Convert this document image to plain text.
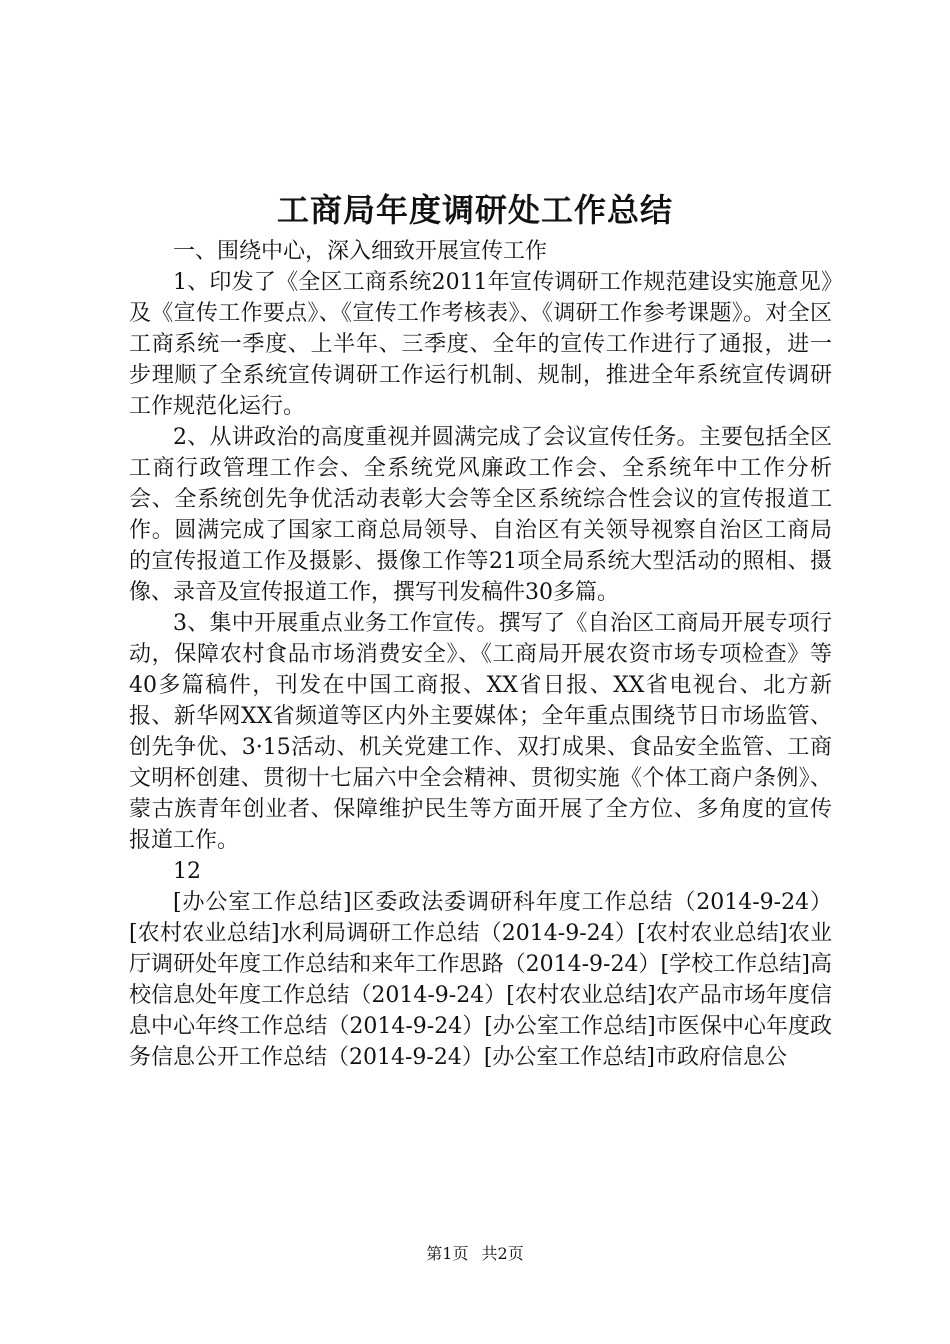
工商局年度调研处工作总结

一、围绕中心，深入细致开展宣传工作

1、印发了《全区工商系统2011年宣传调研工作规范建设实施意见》及《宣传工作要点》、《宣传工作考核表》、《调研工作参考课题》。对全区工商系统一季度、上半年、三季度、全年的宣传工作进行了通报，进一步理顺了全系统宣传调研工作运行机制、规制，推进全年系统宣传调研工作规范化运行。

2、从讲政治的高度重视并圆满完成了会议宣传任务。主要包括全区工商行政管理工作会、全系统党风廉政工作会、全系统年中工作分析会、全系统创先争优活动表彰大会等全区系统综合性会议的宣传报道工作。圆满完成了国家工商总局领导、自治区有关领导视察自治区工商局的宣传报道工作及摄影、摄像工作等21项全局系统大型活动的照相、摄像、录音及宣传报道工作，撰写刊发稿件30多篇。

3、集中开展重点业务工作宣传。撰写了《自治区工商局开展专项行动，保障农村食品市场消费安全》、《工商局开展农资市场专项检查》等40多篇稿件，刊发在中国工商报、XX省日报、XX省电视台、北方新报、新华网XX省频道等区内外主要媒体；全年重点围绕节日市场监管、创先争优、3·15活动、机关党建工作、双打成果、食品安全监管、工商文明杯创建、贯彻十七届六中全会精神、贯彻实施《个体工商户条例》、蒙古族青年创业者、保障维护民生等方面开展了全方位、多角度的宣传报道工作。

12

[办公室工作总结]区委政法委调研科年度工作总结（2014-9-24）[农村农业总结]水利局调研工作总结（2014-9-24）[农村农业总结]农业厅调研处年度工作总结和来年工作思路（2014-9-24）[学校工作总结]高校信息处年度工作总结（2014-9-24）[农村农业总结]农产品市场年度信息中心年终工作总结（2014-9-24）[办公室工作总结]市医保中心年度政务信息公开工作总结（2014-9-24）[办公室工作总结]市政府信息公

第1页 共2页
